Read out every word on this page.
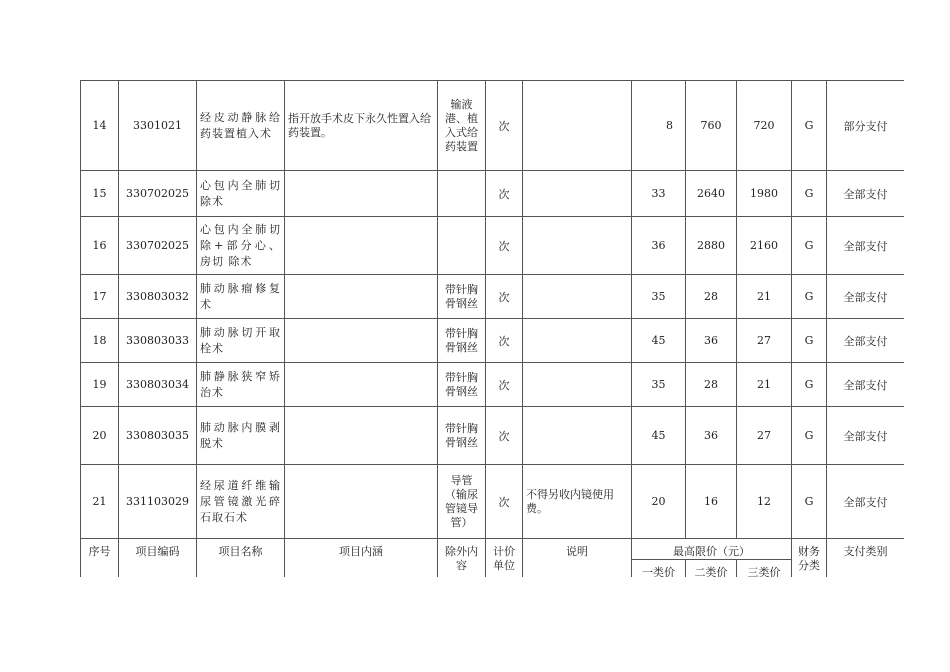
14	3301021	经皮动静脉给药装置植入术	指开放手术皮下永久性置入给药装置。	输液港、植入式给药装置	次		8	760	720	G	部分支付
15	330702025	心包内全肺切除术			次		33	2640	1980	G	全部支付
16	330702025	心包内全肺切除+部分心、房切 除术			次		36	2880	2160	G	全部支付
17	330803032	肺动脉瘤修复术		带针胸骨钢丝	次		35	28	21	G	全部支付
18	330803033	肺动脉切开取栓术		带针胸骨钢丝	次		45	36	27	G	全部支付
19	330803034	肺静脉狭窄矫治术		带针胸骨钢丝	次		35	28	21	G	全部支付
20	330803035	肺动脉内膜剥脱术		带针胸骨钢丝	次		45	36	27	G	全部支付
21	331103029	经尿道纤维输尿管镜激光碎石取石术		导管（输尿管镜导管）	次	不得另收内镜使用费。	20	16	12	G	全部支付
序号	项目编码	项目名称	项目内涵	除外内容	计价单位	说明	最高限价（元）			财务分类	支付类别
							一类价	二类价	三类价		
